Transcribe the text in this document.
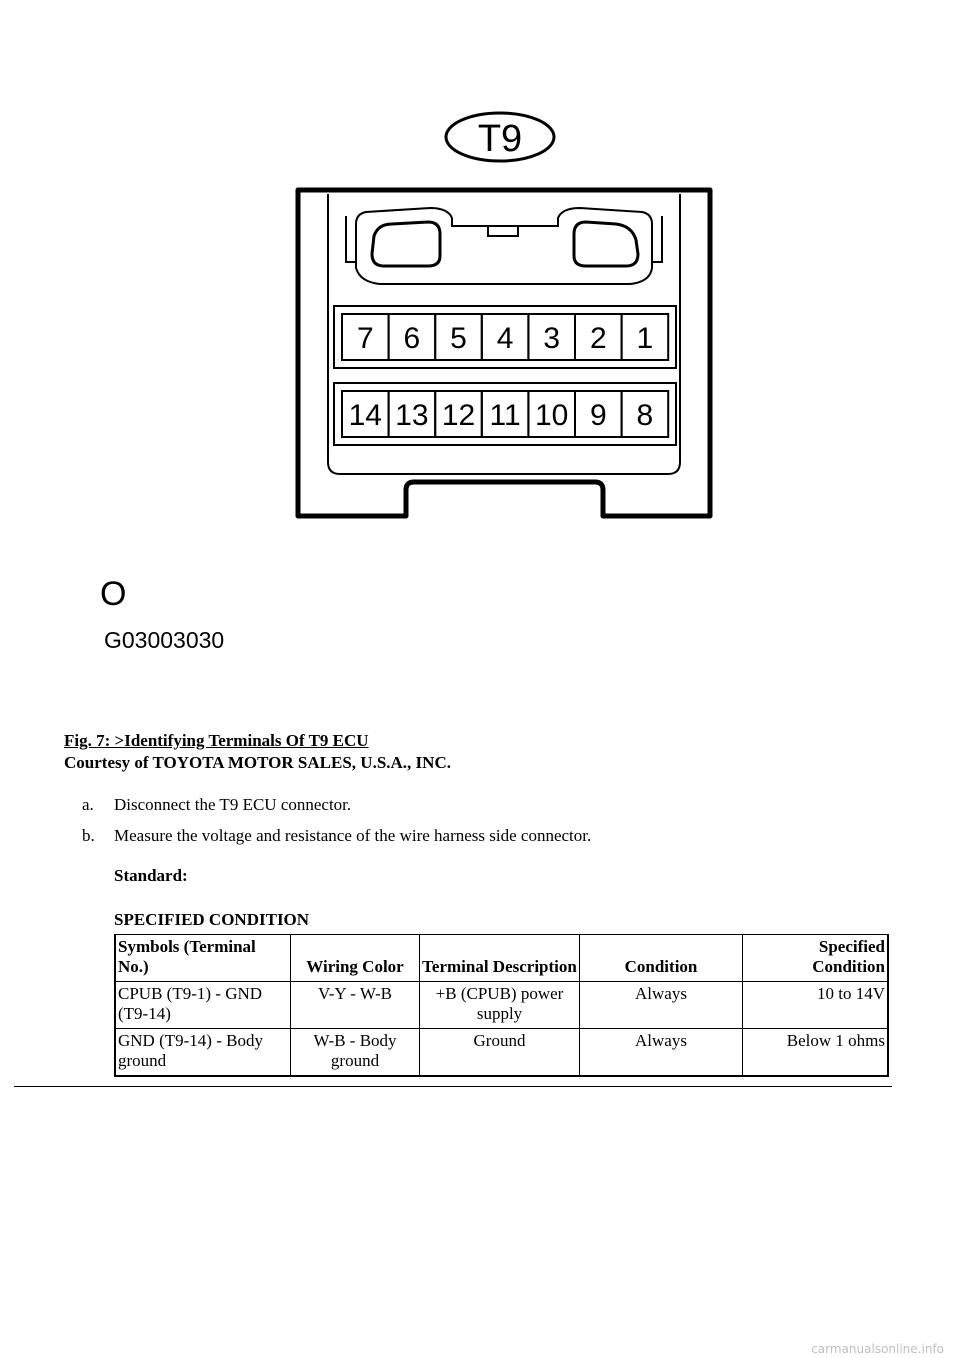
T9
7 6 5 4 3 2 1
14 13 12 11 10 9 8
O
G03003030
Fig. 7: >Identifying Terminals Of T9 ECU
Courtesy of TOYOTA MOTOR SALES, U.S.A., INC.
a. Disconnect the T9 ECU connector.
b. Measure the voltage and resistance of the wire harness side connector.
Standard:
SPECIFIED CONDITION
Symbols (Terminal No.)	Wiring Color	Terminal Description	Condition	Specified Condition
CPUB (T9-1) - GND (T9-14)	V-Y - W-B	+B (CPUB) power supply	Always	10 to 14V
GND (T9-14) - Body ground	W-B - Body ground	Ground	Always	Below 1 ohms
carmanualsonline.info
